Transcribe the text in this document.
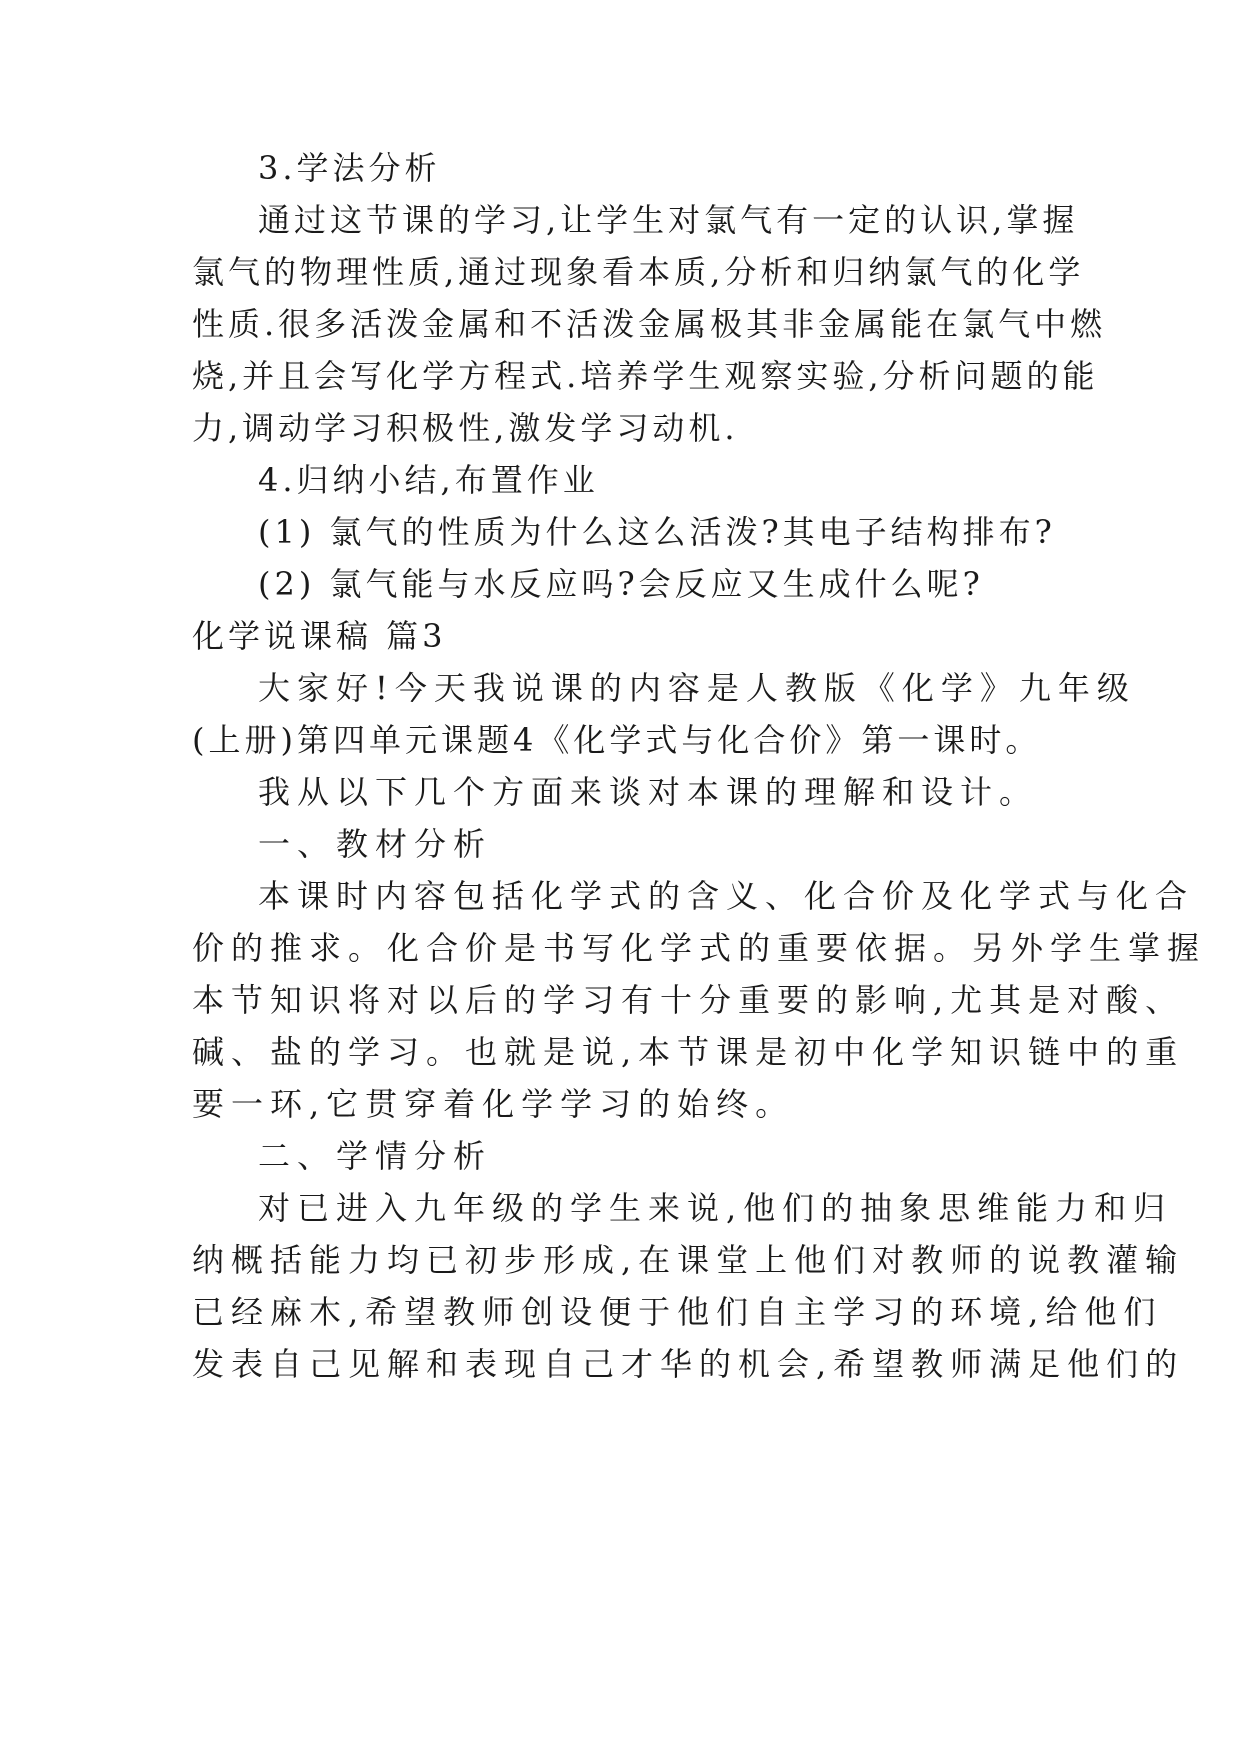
3.学法分析

通过这节课的学习,让学生对氯气有一定的认识,掌握

氯气的物理性质,通过现象看本质,分析和归纳氯气的化学

性质.很多活泼金属和不活泼金属极其非金属能在氯气中燃

烧,并且会写化学方程式.培养学生观察实验,分析问题的能

力,调动学习积极性,激发学习动机.

4.归纳小结,布置作业

(1) 氯气的性质为什么这么活泼?其电子结构排布?

(2) 氯气能与水反应吗?会反应又生成什么呢?

化学说课稿 篇3

大家好!今天我说课的内容是人教版《化学》九年级

(上册)第四单元课题4《化学式与化合价》第一课时。

我从以下几个方面来谈对本课的理解和设计。

一、教材分析

本课时内容包括化学式的含义、化合价及化学式与化合

价的推求。化合价是书写化学式的重要依据。另外学生掌握

本节知识将对以后的学习有十分重要的影响,尤其是对酸、

碱、盐的学习。也就是说,本节课是初中化学知识链中的重

要一环,它贯穿着化学学习的始终。

二、学情分析

对已进入九年级的学生来说,他们的抽象思维能力和归

纳概括能力均已初步形成,在课堂上他们对教师的说教灌输

已经麻木,希望教师创设便于他们自主学习的环境,给他们

发表自己见解和表现自己才华的机会,希望教师满足他们的
